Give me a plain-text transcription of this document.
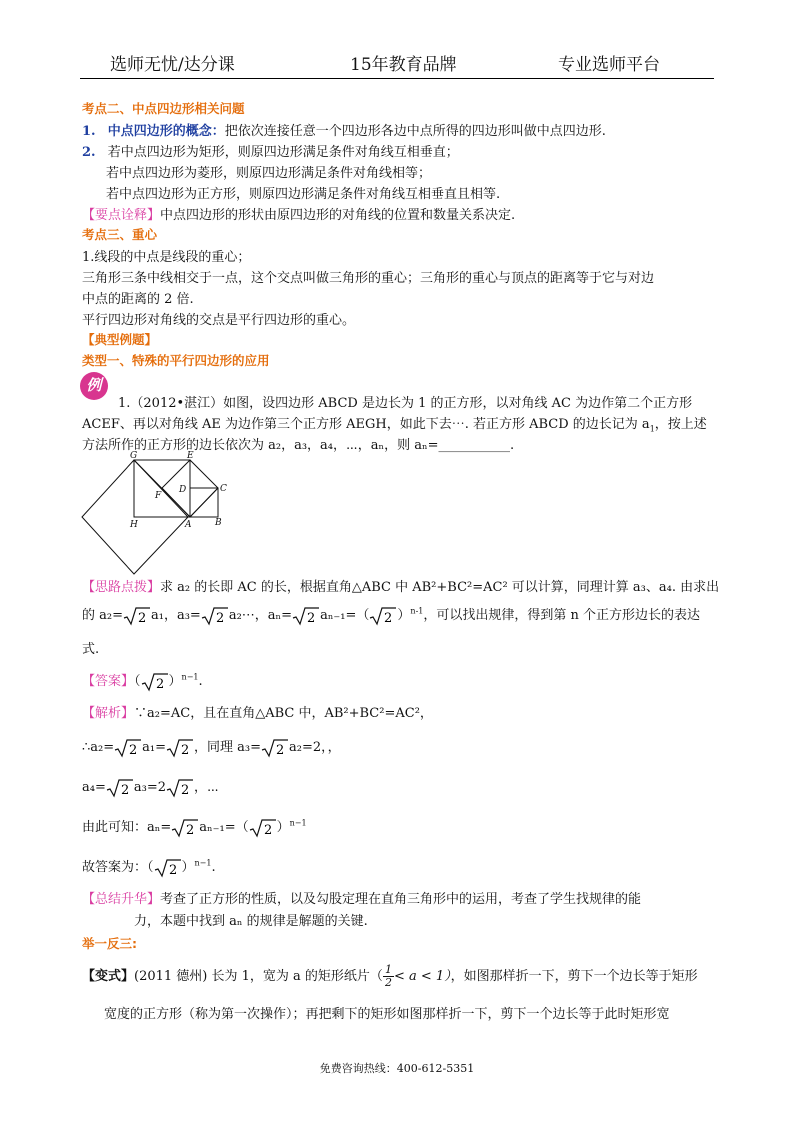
选师无忧/达分课	15年教育品牌	专业选师平台
考点二、中点四边形相关问题
1. 中点四边形的概念：把依次连接任意一个四边形各边中点所得的四边形叫做中点四边形.
2. 若中点四边形为矩形，则原四边形满足条件对角线互相垂直；
若中点四边形为菱形，则原四边形满足条件对角线相等；
若中点四边形为正方形，则原四边形满足条件对角线互相垂直且相等.
【要点诠释】中点四边形的形状由原四边形的对角线的位置和数量关系决定.
考点三、重心
1.线段的中点是线段的重心；
三角形三条中线相交于一点，这个交点叫做三角形的重心；三角形的重心与顶点的距离等于它与对边
中点的距离的 2 倍.
平行四边形对角线的交点是平行四边形的重心。
【典型例题】
类型一、特殊的平行四边形的应用
例
1.（2012•湛江）如图，设四边形 ABCD 是边长为 1 的正方形，以对角线 AC 为边作第二个正方形
ACEF、再以对角线 AE 为边作第三个正方形 AEGH，如此下去⋯. 若正方形 ABCD 的边长记为 $a_1$，按上述
方法所作的正方形的边长依次为 a₂，a₃，a₄，⋯，aₙ，则 aₙ=___________.
G	E
F
D	C
H	A	B
【思路点拨】求 a₂ 的长即 AC 的长，根据直角△ABC 中 AB²+BC²=AC² 可以计算，同理计算 a₃、a₄. 由求出
的 a₂= 2 a₁，a₃= 2 a₂⋯，aₙ= 2 aₙ₋₁=（ 2 ）$^{n-1}$，可以找出规律，得到第 n 个正方形边长的表达
式.
【答案】（ 2 ）$^{n-1}$.
【解析】∵a₂=AC，且在直角△ABC 中，AB²+BC²=AC²，
∴a₂= 2 a₁= 2 ，同理 a₃= 2 a₂=2，，
a₄= 2 a₃=2 2 ，⋯
由此可知：aₙ= 2 aₙ₋₁=（ 2 ）$^{n-1}$
故答案为：（ 2 ）$^{n-1}$.
【总结升华】考查了正方形的性质，以及勾股定理在直角三角形中的运用，考查了学生找规律的能
力，本题中找到 aₙ 的规律是解题的关键.
举一反三:
【变式】(2011 德州) 长为 1，宽为 a 的矩形纸片（ $\frac{1}{2} < a < 1$），如图那样折一下，剪下一个边长等于矩形
宽度的正方形（称为第一次操作）；再把剩下的矩形如图那样折一下，剪下一个边长等于此时矩形宽
免费咨询热线：400-612-5351
